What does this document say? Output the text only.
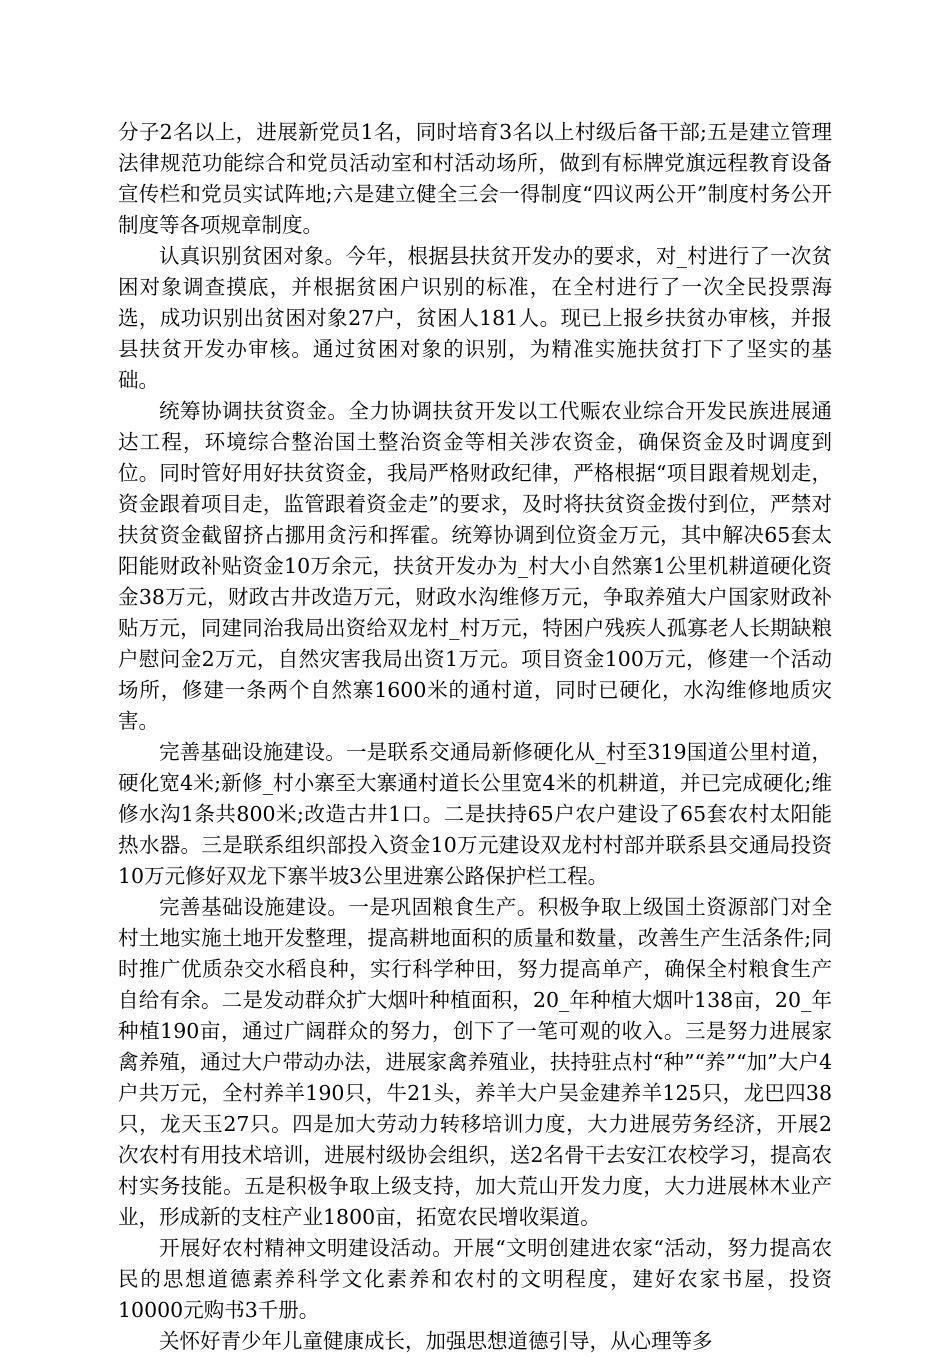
分子2名以上，进展新党员1名，同时培育3名以上村级后备干部;五是建立管理法律规范功能综合和党员活动室和村活动场所，做到有标牌党旗远程教育设备宣传栏和党员实试阵地;六是建立健全三会一得制度“四议两公开”制度村务公开制度等各项规章制度。

认真识别贫困对象。今年，根据县扶贫开发办的要求，对_村进行了一次贫困对象调查摸底，并根据贫困户识别的标准，在全村进行了一次全民投票海选，成功识别出贫困对象27户，贫困人181人。现已上报乡扶贫办审核，并报县扶贫开发办审核。通过贫困对象的识别，为精准实施扶贫打下了坚实的基础。

统筹协调扶贫资金。全力协调扶贫开发以工代赈农业综合开发民族进展通达工程，环境综合整治国土整治资金等相关涉农资金，确保资金及时调度到位。同时管好用好扶贫资金，我局严格财政纪律，严格根据“项目跟着规划走，资金跟着项目走，监管跟着资金走”的要求，及时将扶贫资金拨付到位，严禁对扶贫资金截留挤占挪用贪污和挥霍。统筹协调到位资金万元，其中解决65套太阳能财政补贴资金10万余元，扶贫开发办为_村大小自然寨1公里机耕道硬化资金38万元，财政古井改造万元，财政水沟维修万元，争取养殖大户国家财政补贴万元，同建同治我局出资给双龙村_村万元，特困户残疾人孤寡老人长期缺粮户慰问金2万元，自然灾害我局出资1万元。项目资金100万元，修建一个活动场所，修建一条两个自然寨1600米的通村道，同时已硬化，水沟维修地质灾害。

完善基础设施建设。一是联系交通局新修硬化从_村至319国道公里村道，硬化宽4米;新修_村小寨至大寨通村道长公里宽4米的机耕道，并已完成硬化;维修水沟1条共800米;改造古井1口。二是扶持65户农户建设了65套农村太阳能热水器。三是联系组织部投入资金10万元建设双龙村村部并联系县交通局投资10万元修好双龙下寨半坡3公里进寨公路保护栏工程。

完善基础设施建设。一是巩固粮食生产。积极争取上级国土资源部门对全村土地实施土地开发整理，提高耕地面积的质量和数量，改善生产生活条件;同时推广优质杂交水稻良种，实行科学种田，努力提高单产，确保全村粮食生产自给有余。二是发动群众扩大烟叶种植面积，20_年种植大烟叶138亩，20_年种植190亩，通过广阔群众的努力，创下了一笔可观的收入。三是努力进展家禽养殖，通过大户带动办法，进展家禽养殖业，扶持驻点村“种”“养”“加”大户4户共万元，全村养羊190只，牛21头，养羊大户吴金建养羊125只，龙巴四38只，龙天玉27只。四是加大劳动力转移培训力度，大力进展劳务经济，开展2次农村有用技术培训，进展村级协会组织，送2名骨干去安江农校学习，提高农村实务技能。五是积极争取上级支持，加大荒山开发力度，大力进展林木业产业，形成新的支柱产业1800亩，拓宽农民增收渠道。

开展好农村精神文明建设活动。开展“文明创建进农家“活动，努力提高农民的思想道德素养科学文化素养和农村的文明程度，建好农家书屋，投资10000元购书3千册。

关怀好青少年儿童健康成长，加强思想道德引导，从心理等多
